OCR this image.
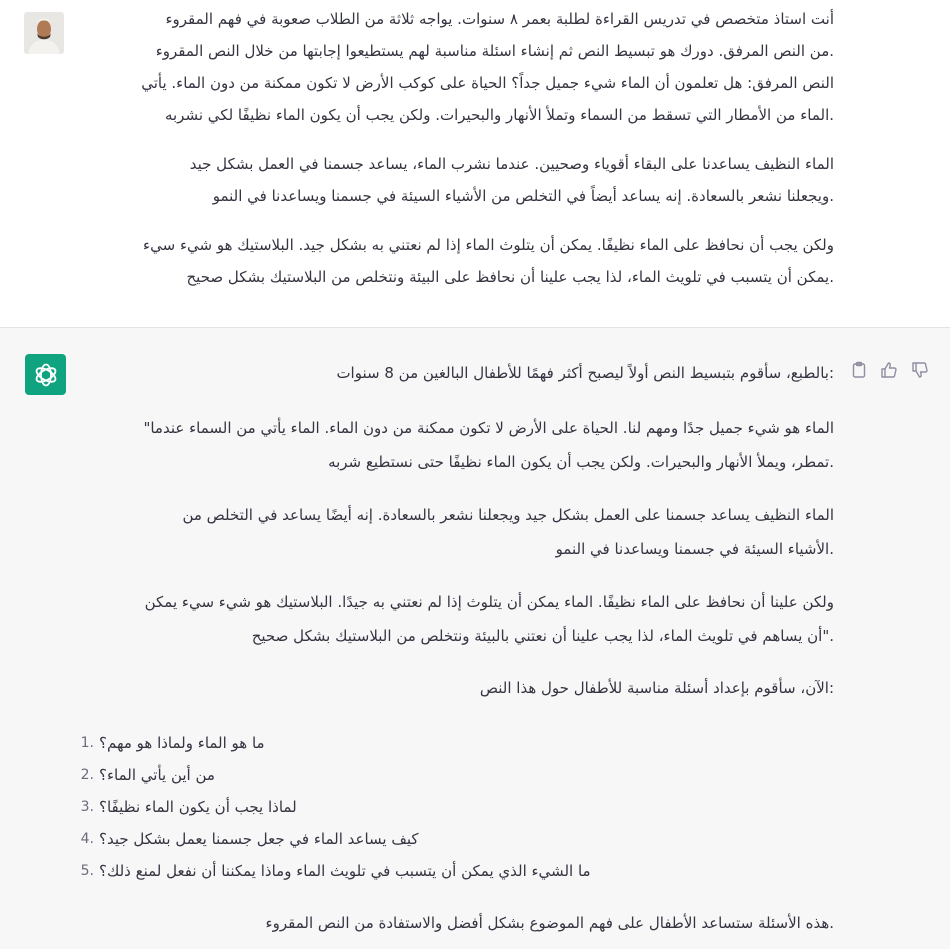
أنت استاذ متخصص في تدريس القراءة لطلبة بعمر ٨ سنوات. يواجه ثلاثة من الطلاب صعوبة في فهم المقروء
.من النص المرفق. دورك هو تبسيط النص ثم إنشاء اسئلة مناسبة لهم يستطيعوا إجابتها من خلال النص المقروء
النص المرفق: هل تعلمون أن الماء شيء جميل جداً؟ الحياة على كوكب الأرض لا تكون ممكنة من دون الماء. يأتي
.الماء من الأمطار التي تسقط من السماء وتملأ الأنهار والبحيرات. ولكن يجب أن يكون الماء نظيفًا لكي نشربه
الماء النظيف يساعدنا على البقاء أقوياء وصحيين. عندما نشرب الماء، يساعد جسمنا في العمل بشكل جيد
.ويجعلنا نشعر بالسعادة. إنه يساعد أيضاً في التخلص من الأشياء السيئة في جسمنا ويساعدنا في النمو
ولكن يجب أن نحافظ على الماء نظيفًا. يمكن أن يتلوث الماء إذا لم نعتني به بشكل جيد. البلاستيك هو شيء سيء
.يمكن أن يتسبب في تلويث الماء، لذا يجب علينا أن نحافظ على البيئة ونتخلص من البلاستيك بشكل صحيح
:بالطبع، سأقوم بتبسيط النص أولاً ليصبح أكثر فهمًا للأطفال البالغين من 8 سنوات
الماء هو شيء جميل جدًا ومهم لنا. الحياة على الأرض لا تكون ممكنة من دون الماء. الماء يأتي من السماء عندما"
.تمطر، ويملأ الأنهار والبحيرات. ولكن يجب أن يكون الماء نظيفًا حتى نستطيع شربه
الماء النظيف يساعد جسمنا على العمل بشكل جيد ويجعلنا نشعر بالسعادة. إنه أيضًا يساعد في التخلص من
.الأشياء السيئة في جسمنا ويساعدنا في النمو
ولكن علينا أن نحافظ على الماء نظيفًا. الماء يمكن أن يتلوث إذا لم نعتني به جيدًا. البلاستيك هو شيء سيء يمكن
."أن يساهم في تلويث الماء، لذا يجب علينا أن نعتني بالبيئة ونتخلص من البلاستيك بشكل صحيح
:الآن، سأقوم بإعداد أسئلة مناسبة للأطفال حول هذا النص
1. ما هو الماء ولماذا هو مهم؟
2. من أين يأتي الماء؟
3. لماذا يجب أن يكون الماء نظيفًا؟
4. كيف يساعد الماء في جعل جسمنا يعمل بشكل جيد؟
5. ما الشيء الذي يمكن أن يتسبب في تلويث الماء وماذا يمكننا أن نفعل لمنع ذلك؟
.هذه الأسئلة ستساعد الأطفال على فهم الموضوع بشكل أفضل والاستفادة من النص المقروء
